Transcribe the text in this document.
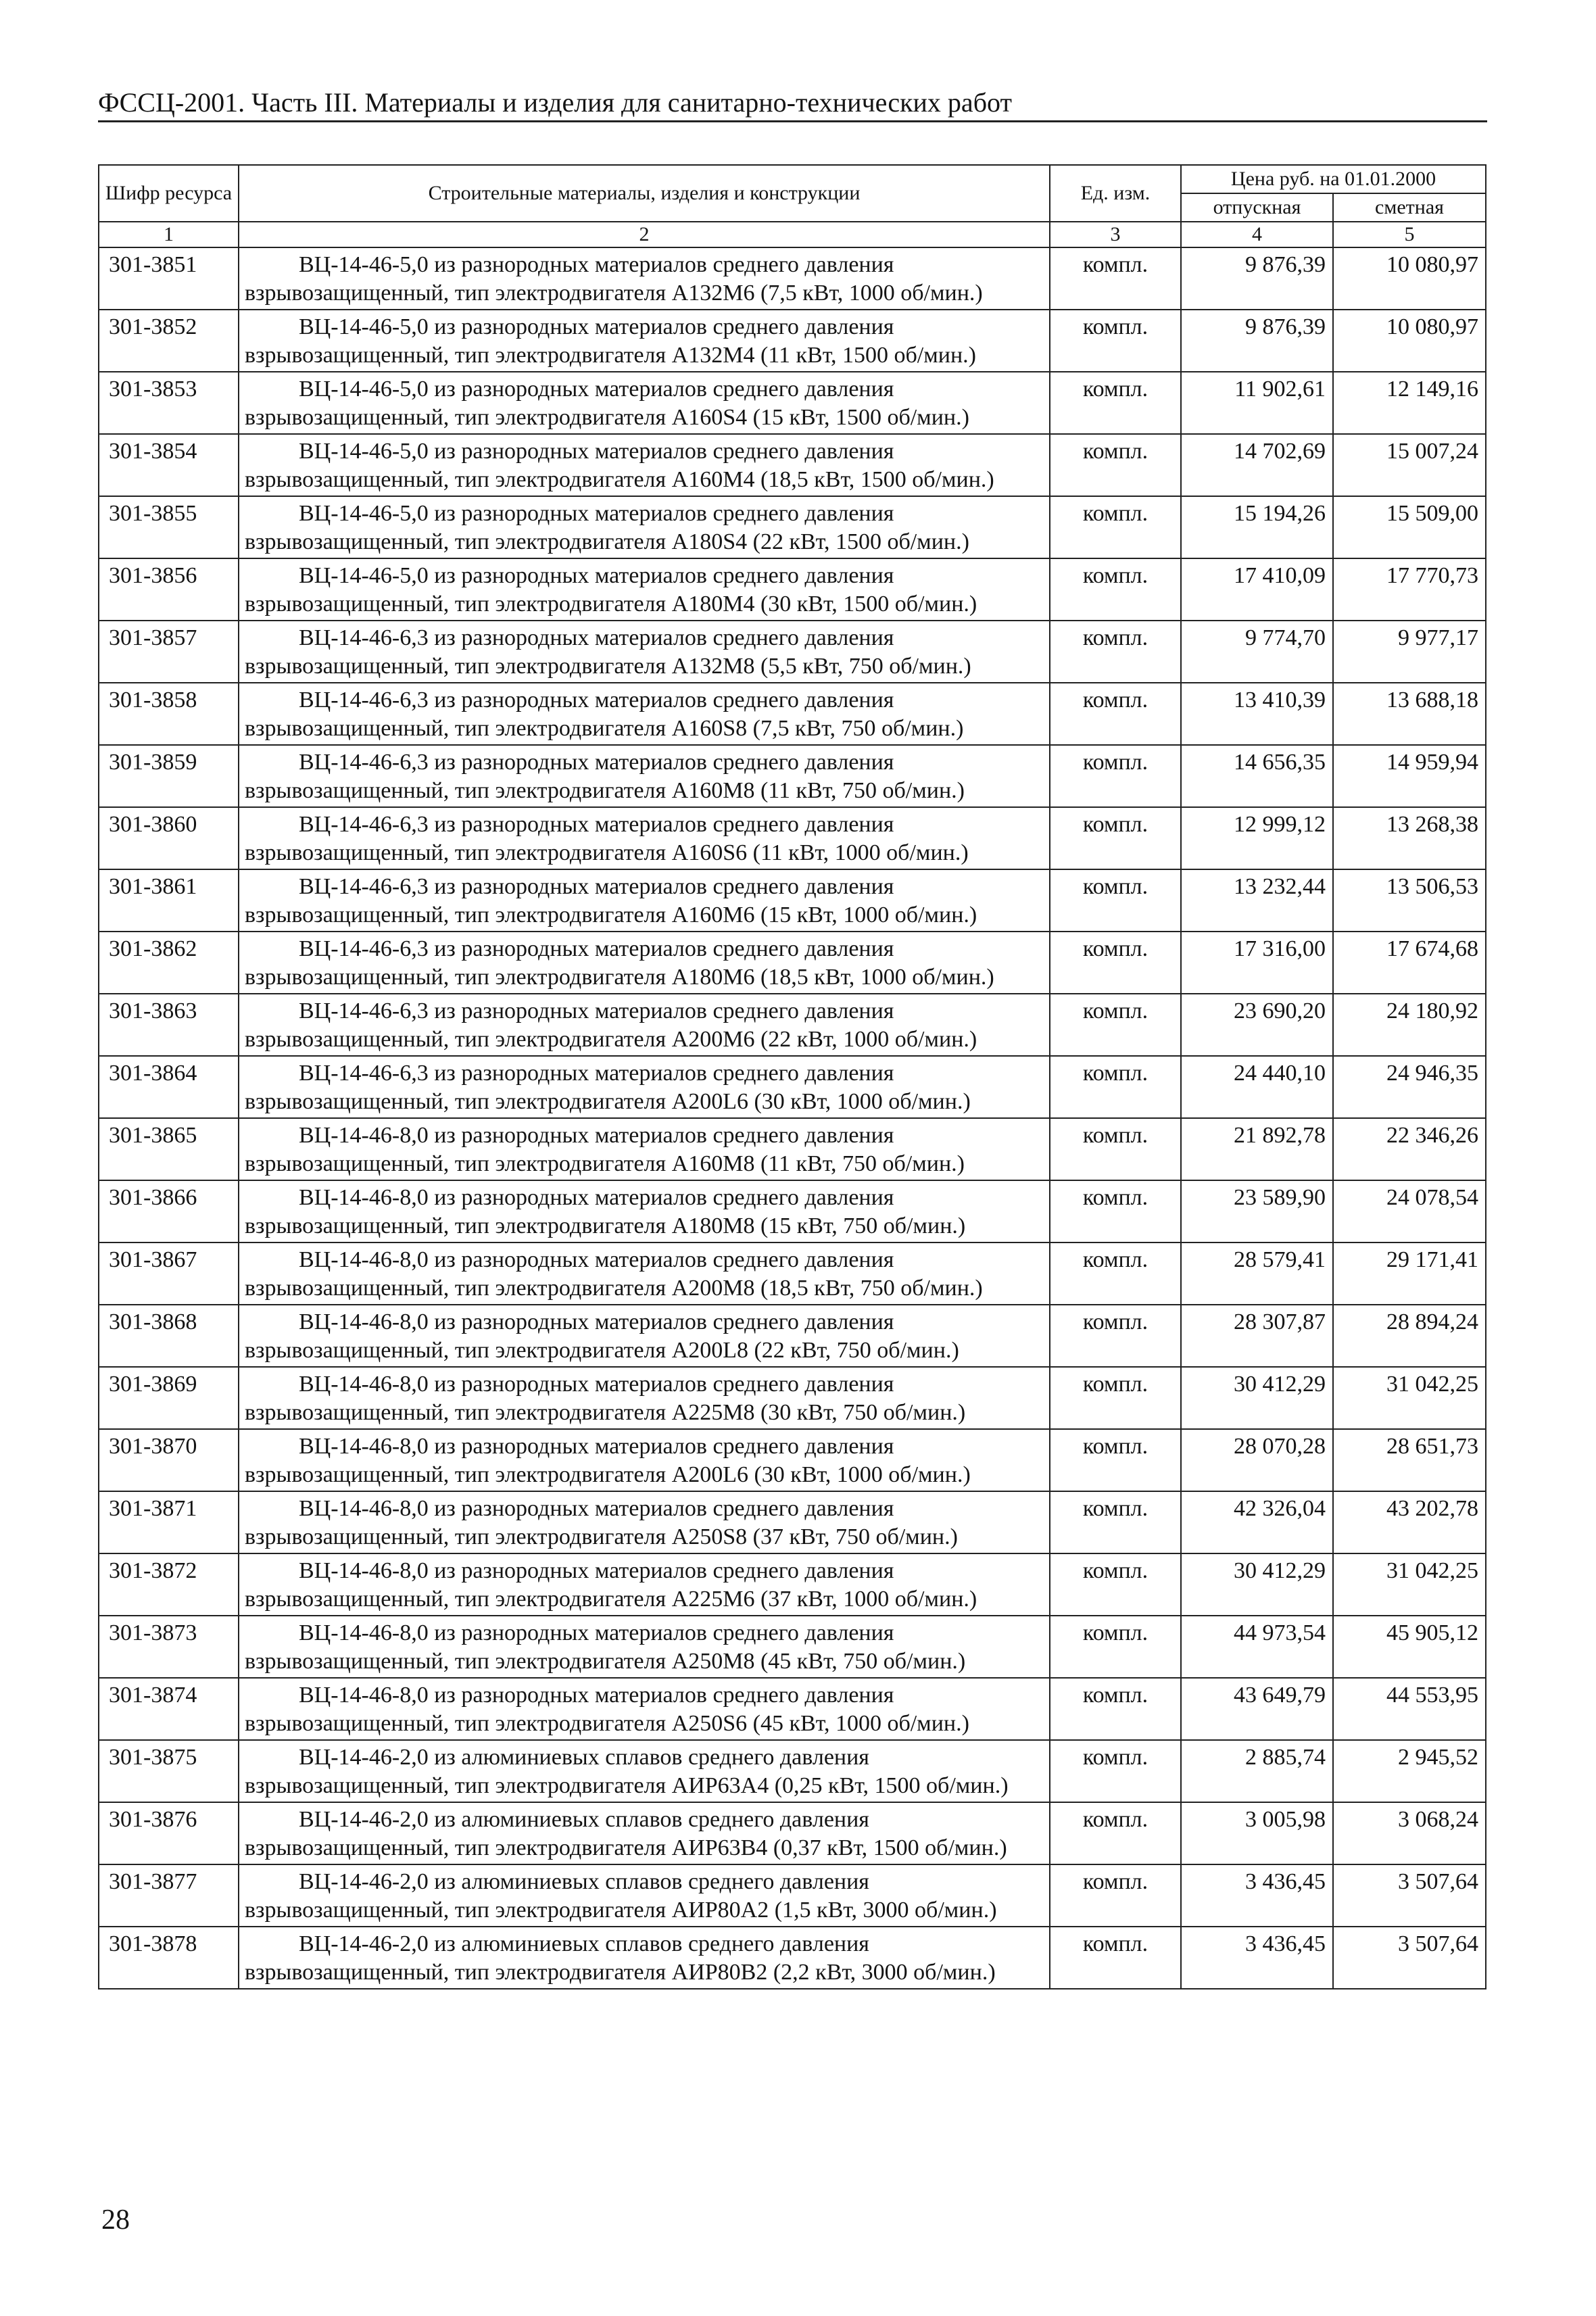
ФССЦ-2001. Часть III. Материалы и изделия для санитарно-технических работ
Шифр ресурса	Строительные материалы, изделия и конструкции	Ед. изм.	Цена руб. на 01.01.2000	
			отпускная	сметная
1	2	3	4	5
301-3851	ВЦ-14-46-5,0 из разнородных материалов среднего давления взрывозащищенный, тип электродвигателя А132М6 (7,5 кВт, 1000 об/мин.)	компл.	9 876,39	10 080,97
301-3852	ВЦ-14-46-5,0 из разнородных материалов среднего давления взрывозащищенный, тип электродвигателя А132М4 (11 кВт, 1500 об/мин.)	компл.	9 876,39	10 080,97
301-3853	ВЦ-14-46-5,0 из разнородных материалов среднего давления взрывозащищенный, тип электродвигателя А160S4 (15 кВт, 1500 об/мин.)	компл.	11 902,61	12 149,16
301-3854	ВЦ-14-46-5,0 из разнородных материалов среднего давления взрывозащищенный, тип электродвигателя А160М4 (18,5 кВт, 1500 об/мин.)	компл.	14 702,69	15 007,24
301-3855	ВЦ-14-46-5,0 из разнородных материалов среднего давления взрывозащищенный, тип электродвигателя А180S4 (22 кВт, 1500 об/мин.)	компл.	15 194,26	15 509,00
301-3856	ВЦ-14-46-5,0 из разнородных материалов среднего давления взрывозащищенный, тип электродвигателя А180М4 (30 кВт, 1500 об/мин.)	компл.	17 410,09	17 770,73
301-3857	ВЦ-14-46-6,3 из разнородных материалов среднего давления взрывозащищенный, тип электродвигателя А132М8 (5,5 кВт, 750 об/мин.)	компл.	9 774,70	9 977,17
301-3858	ВЦ-14-46-6,3 из разнородных материалов среднего давления взрывозащищенный, тип электродвигателя А160S8 (7,5 кВт, 750 об/мин.)	компл.	13 410,39	13 688,18
301-3859	ВЦ-14-46-6,3 из разнородных материалов среднего давления взрывозащищенный, тип электродвигателя А160М8 (11 кВт, 750 об/мин.)	компл.	14 656,35	14 959,94
301-3860	ВЦ-14-46-6,3 из разнородных материалов среднего давления взрывозащищенный, тип электродвигателя А160S6 (11 кВт, 1000 об/мин.)	компл.	12 999,12	13 268,38
301-3861	ВЦ-14-46-6,3 из разнородных материалов среднего давления взрывозащищенный, тип электродвигателя А160М6 (15 кВт, 1000 об/мин.)	компл.	13 232,44	13 506,53
301-3862	ВЦ-14-46-6,3 из разнородных материалов среднего давления взрывозащищенный, тип электродвигателя А180М6 (18,5 кВт, 1000 об/мин.)	компл.	17 316,00	17 674,68
301-3863	ВЦ-14-46-6,3 из разнородных материалов среднего давления взрывозащищенный, тип электродвигателя А200М6 (22 кВт, 1000 об/мин.)	компл.	23 690,20	24 180,92
301-3864	ВЦ-14-46-6,3 из разнородных материалов среднего давления взрывозащищенный, тип электродвигателя А200L6 (30 кВт, 1000 об/мин.)	компл.	24 440,10	24 946,35
301-3865	ВЦ-14-46-8,0 из разнородных материалов среднего давления взрывозащищенный, тип электродвигателя А160М8 (11 кВт, 750 об/мин.)	компл.	21 892,78	22 346,26
301-3866	ВЦ-14-46-8,0 из разнородных материалов среднего давления взрывозащищенный, тип электродвигателя А180М8 (15 кВт, 750 об/мин.)	компл.	23 589,90	24 078,54
301-3867	ВЦ-14-46-8,0 из разнородных материалов среднего давления взрывозащищенный, тип электродвигателя А200М8 (18,5 кВт, 750 об/мин.)	компл.	28 579,41	29 171,41
301-3868	ВЦ-14-46-8,0 из разнородных материалов среднего давления взрывозащищенный, тип электродвигателя А200L8 (22 кВт, 750 об/мин.)	компл.	28 307,87	28 894,24
301-3869	ВЦ-14-46-8,0 из разнородных материалов среднего давления взрывозащищенный, тип электродвигателя А225М8 (30 кВт, 750 об/мин.)	компл.	30 412,29	31 042,25
301-3870	ВЦ-14-46-8,0 из разнородных материалов среднего давления взрывозащищенный, тип электродвигателя А200L6 (30 кВт, 1000 об/мин.)	компл.	28 070,28	28 651,73
301-3871	ВЦ-14-46-8,0 из разнородных материалов среднего давления взрывозащищенный, тип электродвигателя А250S8 (37 кВт, 750 об/мин.)	компл.	42 326,04	43 202,78
301-3872	ВЦ-14-46-8,0 из разнородных материалов среднего давления взрывозащищенный, тип электродвигателя А225М6 (37 кВт, 1000 об/мин.)	компл.	30 412,29	31 042,25
301-3873	ВЦ-14-46-8,0 из разнородных материалов среднего давления взрывозащищенный, тип электродвигателя А250М8 (45 кВт, 750 об/мин.)	компл.	44 973,54	45 905,12
301-3874	ВЦ-14-46-8,0 из разнородных материалов среднего давления взрывозащищенный, тип электродвигателя А250S6 (45 кВт, 1000 об/мин.)	компл.	43 649,79	44 553,95
301-3875	ВЦ-14-46-2,0 из алюминиевых сплавов среднего давления взрывозащищенный, тип электродвигателя АИР63А4 (0,25 кВт, 1500 об/мин.)	компл.	2 885,74	2 945,52
301-3876	ВЦ-14-46-2,0 из алюминиевых сплавов среднего давления взрывозащищенный, тип электродвигателя АИР63В4 (0,37 кВт, 1500 об/мин.)	компл.	3 005,98	3 068,24
301-3877	ВЦ-14-46-2,0 из алюминиевых сплавов среднего давления взрывозащищенный, тип электродвигателя АИР80А2 (1,5 кВт, 3000 об/мин.)	компл.	3 436,45	3 507,64
301-3878	ВЦ-14-46-2,0 из алюминиевых сплавов среднего давления взрывозащищенный, тип электродвигателя АИР80В2 (2,2 кВт, 3000 об/мин.)	компл.	3 436,45	3 507,64
28
